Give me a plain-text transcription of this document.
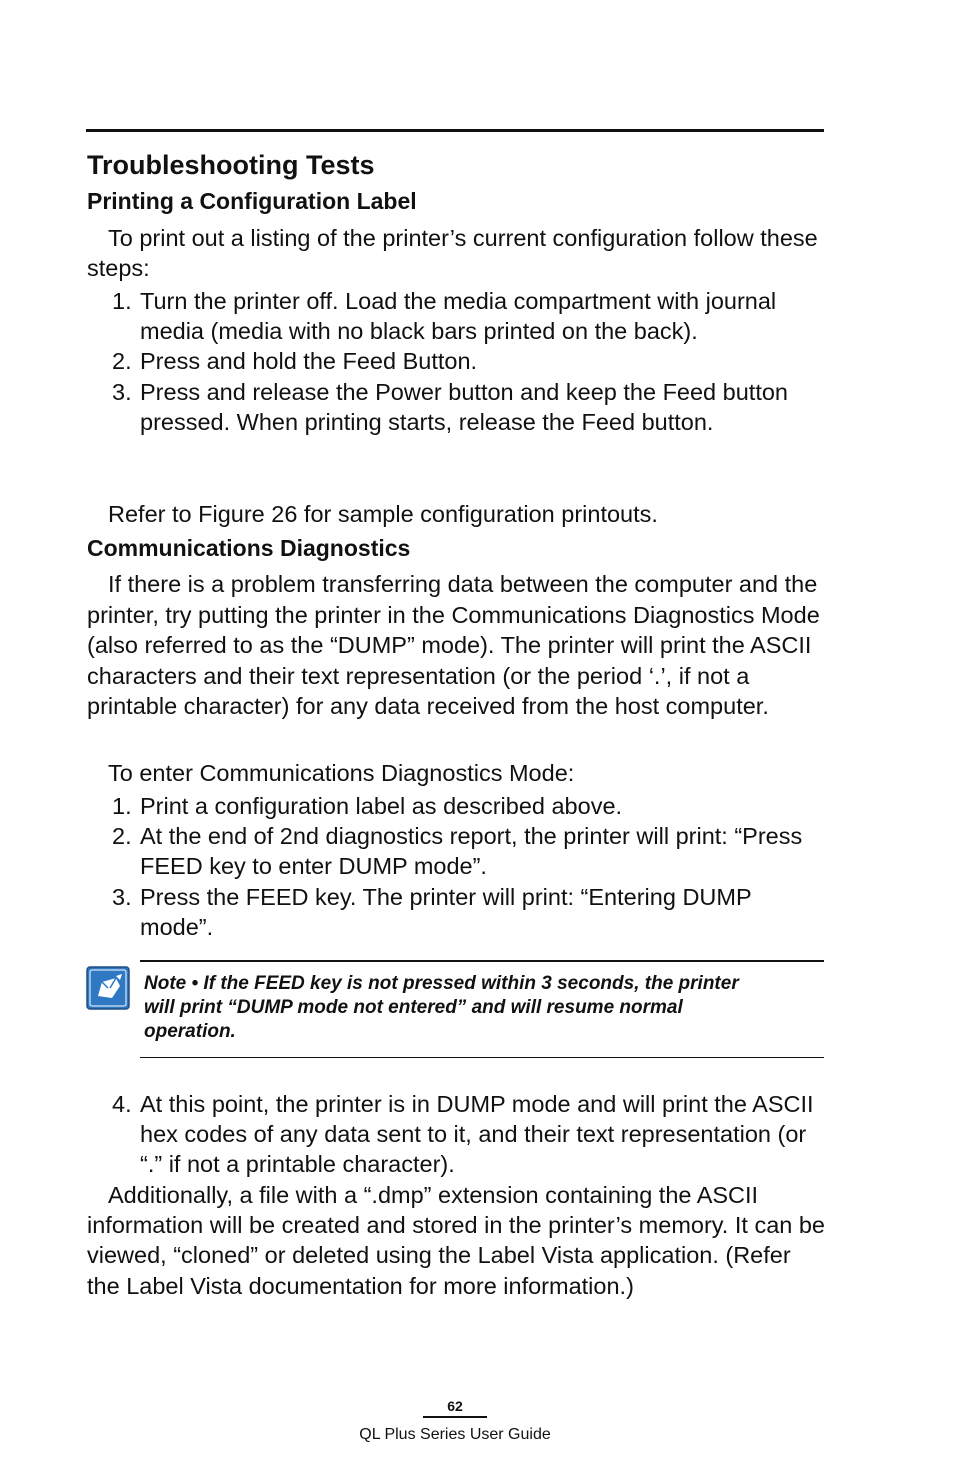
Troubleshooting Tests
Printing a Configuration Label

To print out a listing of the printer’s current configuration follow these steps:

1. Turn the printer off. Load the media compartment with journal media (media with no black bars printed on the back).
2. Press and hold the Feed Button.
3. Press and release the Power button and keep the Feed button pressed. When printing starts, release the Feed button.

Refer to Figure 26 for sample configuration printouts.

Communications Diagnostics

If there is a problem transferring data between the computer and the printer, try putting the printer in the Communications Diagnostics Mode (also referred to as the “DUMP” mode). The printer will print the ASCII characters and their text representation (or the period ‘.’, if not a printable character) for any data received from the host computer.

To enter Communications Diagnostics Mode:

1. Print a configuration label as described above.
2. At the end of 2nd diagnostics report, the printer will print: “Press FEED key to enter DUMP mode”.
3. Press the FEED key. The printer will print: “Entering DUMP mode”.
Note • If the FEED key is not pressed within 3 seconds, the printer will print “DUMP mode not entered” and will resume normal operation.
4. At this point, the printer is in DUMP mode and will print the ASCII hex codes of any data sent to it, and their text representation (or “.” if not a printable character).

Additionally, a file with a “.dmp” extension containing the ASCII information will be created and stored in the printer’s memory. It can be viewed, “cloned” or deleted using the Label Vista application. (Refer the Label Vista documentation for more information.)

62
QL Plus Series User Guide
